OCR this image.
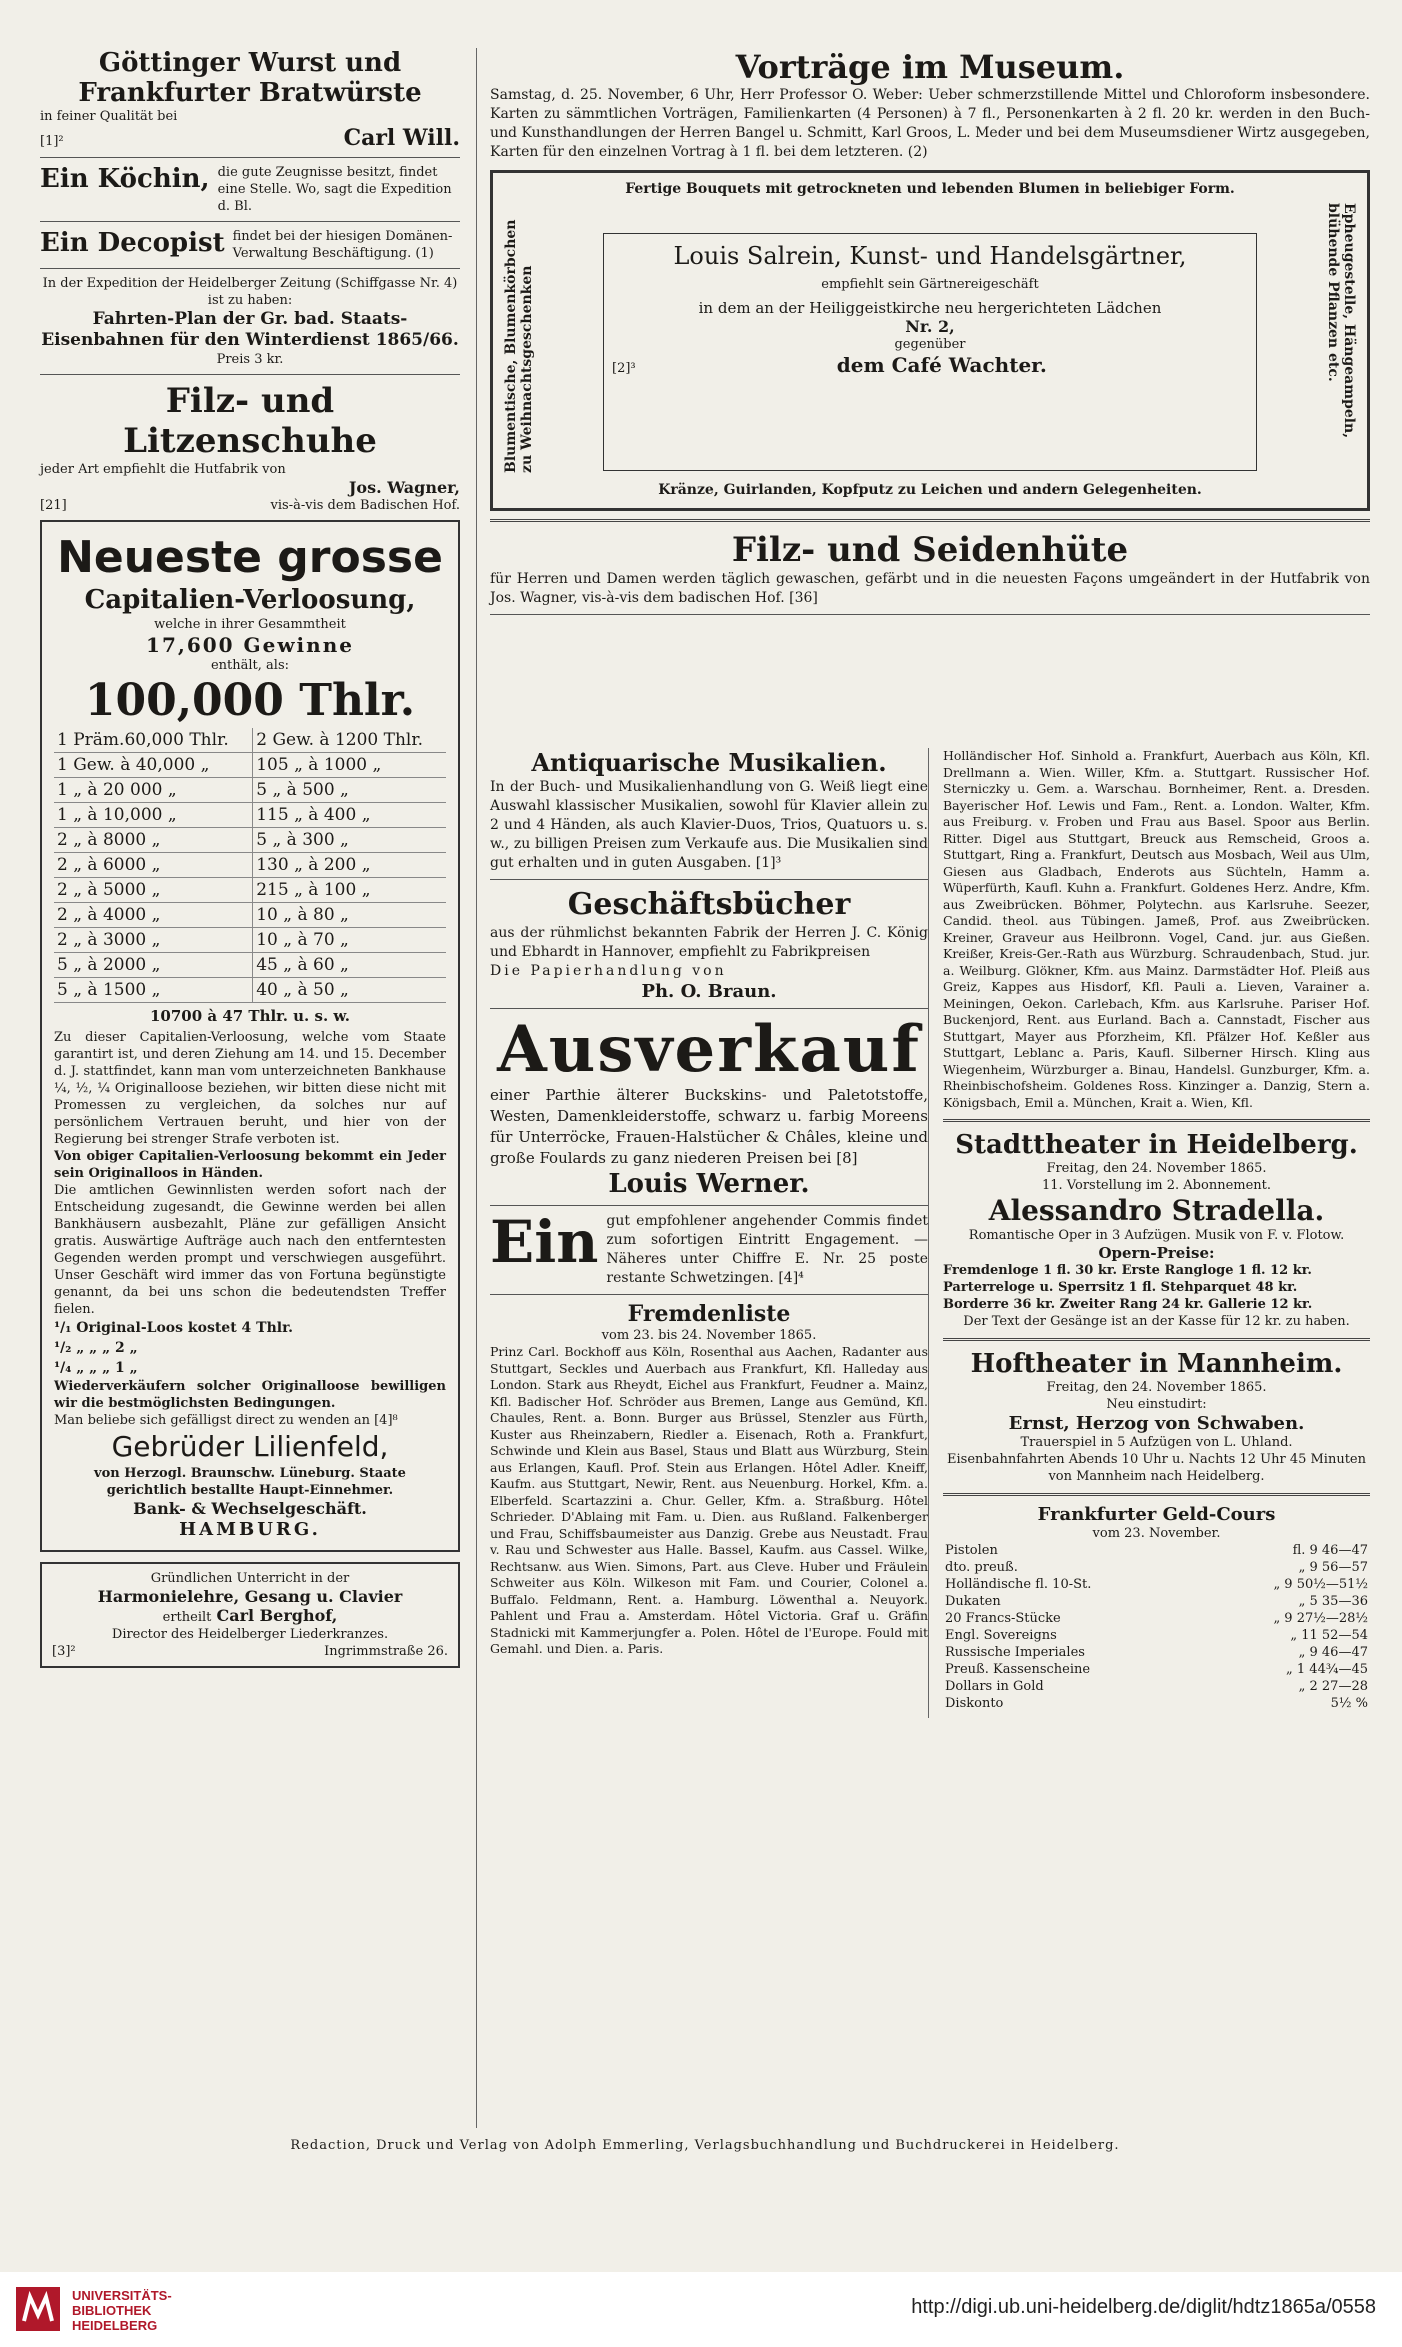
Göttinger Wurst und Frankfurter Bratwürste
in feiner Qualität bei
[1]²	Carl Will.
Ein Köchin, die gute Zeugnisse besitzt, findet eine Stelle. Wo, sagt die Expedition d. Bl.
Ein Decopist findet bei der hiesigen Domänen-Verwaltung Beschäftigung. (1)
In der Expedition der Heidelberger Zeitung (Schiffgasse Nr. 4) ist zu haben:
Fahrten-Plan der Gr. bad. Staats-Eisenbahnen für den Winterdienst 1865/66.
Preis 3 kr.
Filz- und Litzenschuhe
jeder Art empfiehlt die Hutfabrik von
Jos. Wagner,
[21]	vis-à-vis dem Badischen Hof.
Neueste grosse
Capitalien-Verloosung,
welche in ihrer Gesammtheit
17,600 Gewinne
enthält, als:
100,000 Thlr.
1 Präm.60,000 Thlr.	2 Gew. à 1200 Thlr.
1 Gew. à 40,000 „	105 „ à 1000 „
1 „ à 20 000 „	5 „ à 500 „
1 „ à 10,000 „	115 „ à 400 „
2 „ à 8000 „	5 „ à 300 „
2 „ à 6000 „	130 „ à 200 „
2 „ à 5000 „	215 „ à 100 „
2 „ à 4000 „	10 „ à 80 „
2 „ à 3000 „	10 „ à 70 „
5 „ à 2000 „	45 „ à 60 „
5 „ à 1500 „	40 „ à 50 „
10700 à 47 Thlr. u. s. w.
Zu dieser Capitalien-Verloosung, welche vom Staate garantirt ist, und deren Ziehung am 14. und 15. December d. J. stattfindet, kann man vom unterzeichneten Bankhause ¼, ½, ¼ Originalloose beziehen, wir bitten diese nicht mit Promessen zu vergleichen, da solches nur auf persönlichem Vertrauen beruht, und hier von der Regierung bei strenger Strafe verboten ist.
Von obiger Capitalien-Verloosung bekommt ein Jeder sein Originalloos in Händen.
Die amtlichen Gewinnlisten werden sofort nach der Entscheidung zugesandt, die Gewinne werden bei allen Bankhäusern ausbezahlt, Pläne zur gefälligen Ansicht gratis. Auswärtige Aufträge auch nach den entferntesten Gegenden werden prompt und verschwiegen ausgeführt. Unser Geschäft wird immer das von Fortuna begünstigte genannt, da bei uns schon die bedeutendsten Treffer fielen.
¹/₁ Original-Loos kostet 4 Thlr.
¹/₂ „ „ „ 2 „
¹/₄ „ „ „ 1 „
Wiederverkäufern solcher Originalloose bewilligen wir die bestmöglichsten Bedingungen.
Man beliebe sich gefälligst direct zu wenden an [4]⁸
Gebrüder Lilienfeld,
von Herzogl. Braunschw. Lüneburg. Staate gerichtlich bestallte Haupt-Einnehmer.
Bank- & Wechselgeschäft.
HAMBURG.
Gründlichen Unterricht in der
Harmonielehre, Gesang u. Clavier
ertheilt Carl Berghof,
Director des Heidelberger Liederkranzes.
[3]²	Ingrimmstraße 26.
Vorträge im Museum.
Samstag, d. 25. November, 6 Uhr, Herr Professor O. Weber: Ueber schmerzstillende Mittel und Chloroform insbesondere. Karten zu sämmtlichen Vorträgen, Familienkarten (4 Personen) à 7 fl., Personenkarten à 2 fl. 20 kr. werden in den Buch- und Kunsthandlungen der Herren Bangel u. Schmitt, Karl Groos, L. Meder und bei dem Museumsdiener Wirtz ausgegeben, Karten für den einzelnen Vortrag à 1 fl. bei dem letzteren. (2)
Fertige Bouquets mit getrockneten und lebenden Blumen in beliebiger Form.
Blumentische, Blumenkörbchen zu Weihnachtsgeschenken	Epheugestelle, Hängeampeln, blühende Pflanzen etc.
Louis Salrein, Kunst- und Handelsgärtner,
empfiehlt sein Gärtnereigeschäft
in dem an der Heiliggeistkirche neu hergerichteten Lädchen
Nr. 2,
gegenüber
[2]³	dem Café Wachter.
Kränze, Guirlanden, Kopfputz zu Leichen und andern Gelegenheiten.
Filz- und Seidenhüte
für Herren und Damen werden täglich gewaschen, gefärbt und in die neuesten Façons umgeändert in der Hutfabrik von Jos. Wagner, vis-à-vis dem badischen Hof. [36]
Antiquarische Musikalien.
In der Buch- und Musikalienhandlung von G. Weiß liegt eine Auswahl klassischer Musikalien, sowohl für Klavier allein zu 2 und 4 Händen, als auch Klavier-Duos, Trios, Quatuors u. s. w., zu billigen Preisen zum Verkaufe aus. Die Musikalien sind gut erhalten und in guten Ausgaben. [1]³
Geschäftsbücher
aus der rühmlichst bekannten Fabrik der Herren J. C. König und Ebhardt in Hannover, empfiehlt zu Fabrikpreisen
Die Papierhandlung von
Ph. O. Braun.
Ausverkauf
einer Parthie älterer Buckskins- und Paletotstoffe, Westen, Damenkleiderstoffe, schwarz u. farbig Moreens für Unterröcke, Frauen-Halstücher & Châles, kleine und große Foulards zu ganz niederen Preisen bei [8]
Louis Werner.
Ein gut empfohlener angehender Commis findet zum sofortigen Eintritt Engagement. — Näheres unter Chiffre E. Nr. 25 poste restante Schwetzingen. [4]⁴
Fremdenliste
vom 23. bis 24. November 1865.
Prinz Carl. Bockhoff aus Köln, Rosenthal aus Aachen, Radanter aus Stuttgart, Seckles und Auerbach aus Frankfurt, Kfl. Halleday aus London. Stark aus Rheydt, Eichel aus Frankfurt, Feudner a. Mainz, Kfl. Badischer Hof. Schröder aus Bremen, Lange aus Gemünd, Kfl. Chaules, Rent. a. Bonn. Burger aus Brüssel, Stenzler aus Fürth, Kuster aus Rheinzabern, Riedler a. Eisenach, Roth a. Frankfurt, Schwinde und Klein aus Basel, Staus und Blatt aus Würzburg, Stein aus Erlangen, Kaufl. Prof. Stein aus Erlangen. Hôtel Adler. Kneiff, Kaufm. aus Stuttgart, Newir, Rent. aus Neuenburg. Horkel, Kfm. a. Elberfeld. Scartazzini a. Chur. Geller, Kfm. a. Straßburg. Hôtel Schrieder. D'Ablaing mit Fam. u. Dien. aus Rußland. Falkenberger und Frau, Schiffsbaumeister aus Danzig. Grebe aus Neustadt. Frau v. Rau und Schwester aus Halle. Bassel, Kaufm. aus Cassel. Wilke, Rechtsanw. aus Wien. Simons, Part. aus Cleve. Huber und Fräulein Schweiter aus Köln. Wilkeson mit Fam. und Courier, Colonel a. Buffalo. Feldmann, Rent. a. Hamburg. Löwenthal a. Neuyork. Pahlent und Frau a. Amsterdam. Hôtel Victoria. Graf u. Gräfin Stadnicki mit Kammerjungfer a. Polen. Hôtel de l'Europe. Fould mit Gemahl. und Dien. a. Paris.
Holländischer Hof. Sinhold a. Frankfurt, Auerbach aus Köln, Kfl. Drellmann a. Wien. Willer, Kfm. a. Stuttgart. Russischer Hof. Sterniczky u. Gem. a. Warschau. Bornheimer, Rent. a. Dresden. Bayerischer Hof. Lewis und Fam., Rent. a. London. Walter, Kfm. aus Freiburg. v. Froben und Frau aus Basel. Spoor aus Berlin. Ritter. Digel aus Stuttgart, Breuck aus Remscheid, Groos a. Stuttgart, Ring a. Frankfurt, Deutsch aus Mosbach, Weil aus Ulm, Giesen aus Gladbach, Enderots aus Süchteln, Hamm a. Wüperfürth, Kaufl. Kuhn a. Frankfurt. Goldenes Herz. Andre, Kfm. aus Zweibrücken. Böhmer, Polytechn. aus Karlsruhe. Seezer, Candid. theol. aus Tübingen. Jameß, Prof. aus Zweibrücken. Kreiner, Graveur aus Heilbronn. Vogel, Cand. jur. aus Gießen. Kreißer, Kreis-Ger.-Rath aus Würzburg. Schraudenbach, Stud. jur. a. Weilburg. Glökner, Kfm. aus Mainz. Darmstädter Hof. Pleiß aus Greiz, Kappes aus Hisdorf, Kfl. Pauli a. Lieven, Varainer a. Meiningen, Oekon. Carlebach, Kfm. aus Karlsruhe. Pariser Hof. Buckenjord, Rent. aus Eurland. Bach a. Cannstadt, Fischer aus Stuttgart, Mayer aus Pforzheim, Kfl. Pfälzer Hof. Keßler aus Stuttgart, Leblanc a. Paris, Kaufl. Silberner Hirsch. Kling aus Wiegenheim, Würzburger a. Binau, Handelsl. Gunzburger, Kfm. a. Rheinbischofsheim. Goldenes Ross. Kinzinger a. Danzig, Stern a. Königsbach, Emil a. München, Krait a. Wien, Kfl.
Stadttheater in Heidelberg.
Freitag, den 24. November 1865.
11. Vorstellung im 2. Abonnement.
Alessandro Stradella.
Romantische Oper in 3 Aufzügen. Musik von F. v. Flotow.
Opern-Preise:
Fremdenloge 1 fl. 30 kr. Erste Rangloge 1 fl. 12 kr.
Parterreloge u. Sperrsitz 1 fl. Stehparquet 48 kr.
Borderre 36 kr. Zweiter Rang 24 kr. Gallerie 12 kr.
Der Text der Gesänge ist an der Kasse für 12 kr. zu haben.
Hoftheater in Mannheim.
Freitag, den 24. November 1865.
Neu einstudirt:
Ernst, Herzog von Schwaben.
Trauerspiel in 5 Aufzügen von L. Uhland.
Eisenbahnfahrten Abends 10 Uhr u. Nachts 12 Uhr 45 Minuten von Mannheim nach Heidelberg.
Frankfurter Geld-Cours
vom 23. November.
Pistolen	fl. 9 46—47
dto. preuß.	„ 9 56—57
Holländische fl. 10-St.	„ 9 50½—51½
Dukaten	„ 5 35—36
20 Francs-Stücke	„ 9 27½—28½
Engl. Sovereigns	„ 11 52—54
Russische Imperiales	„ 9 46—47
Preuß. Kassenscheine	„ 1 44¾—45
Dollars in Gold	„ 2 27—28
Diskonto	5½ %
Redaction, Druck und Verlag von Adolph Emmerling, Verlagsbuchhandlung und Buchdruckerei in Heidelberg.
UNIVERSITÄTS-
BIBLIOTHEK
HEIDELBERG
http://digi.ub.uni-heidelberg.de/diglit/hdtz1865a/0558
